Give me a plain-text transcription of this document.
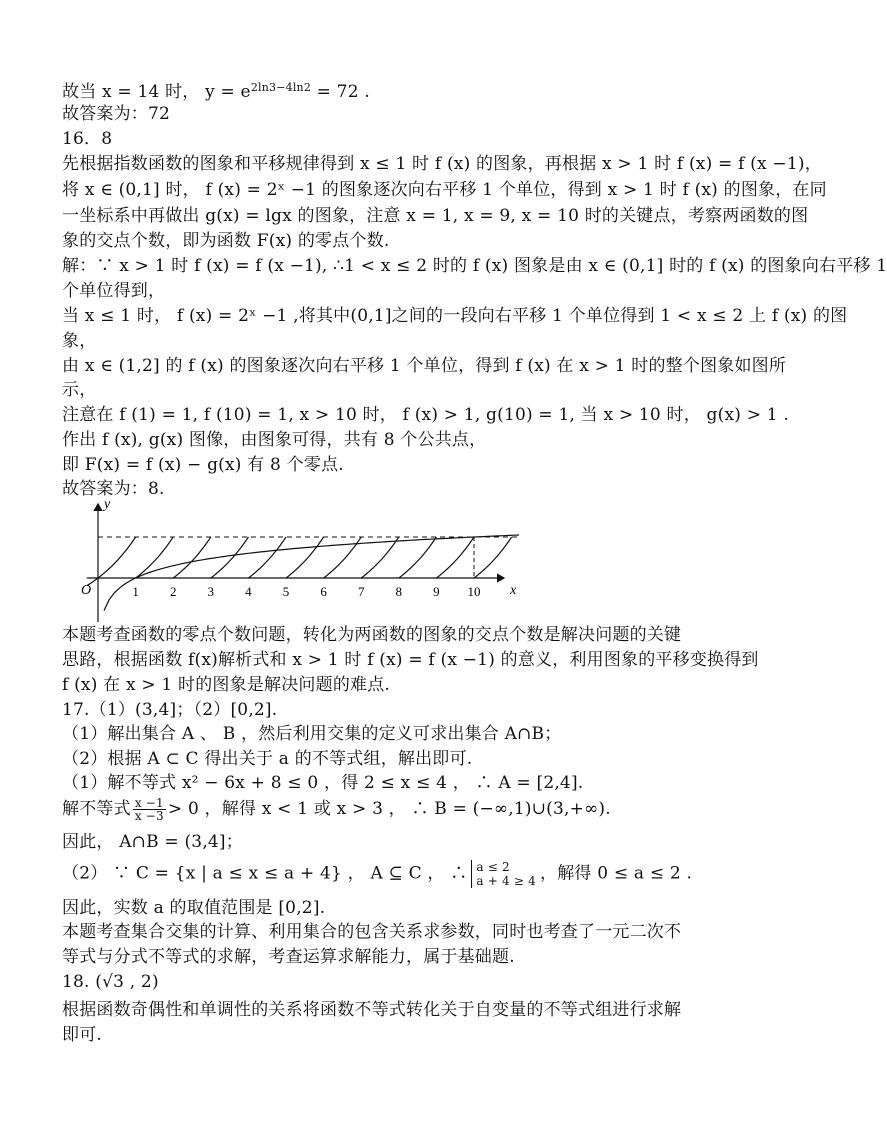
故当 x = 14 时， $y = e^{2ln3-4ln2} = 72$ .
故答案为：72
16．8
先根据指数函数的图象和平移规律得到 x ≤ 1 时 f (x) 的图象，再根据 x > 1 时 f (x) = f (x −1)，
将 x ∈ (0,1] 时， f (x) = 2ˣ −1 的图象逐次向右平移 1 个单位，得到 x > 1 时 f (x) 的图象，在同
一坐标系中再做出 g(x) = lgx 的图象，注意 x = 1, x = 9, x = 10 时的关键点，考察两函数的图
象的交点个数，即为函数 F(x) 的零点个数.
解：∵ x > 1 时 f (x) = f (x −1), ∴1 < x ≤ 2 时的 f (x) 图象是由 x ∈ (0,1] 时的 f (x) 的图象向右平移 1
个单位得到，
当 x ≤ 1 时， f (x) = 2ˣ −1 ,将其中(0,1]之间的一段向右平移 1 个单位得到 1 < x ≤ 2 上 f (x) 的图
象，
由 x ∈ (1,2] 的 f (x) 的图象逐次向右平移 1 个单位，得到 f (x) 在 x > 1 时的整个图象如图所
示，
注意在 f (1) = 1, f (10) = 1, x > 10 时， f (x) > 1, g(10) = 1, 当 x > 10 时， g(x) > 1 .
作出 f (x), g(x) 图像，由图象可得，共有 8 个公共点，
即 F(x) = f (x) − g(x) 有 8 个零点.
故答案为：8.
1 2 3 4 5 6 7 8 9 10
O	x
y
本题考查函数的零点个数问题，转化为两函数的图象的交点个数是解决问题的关键
思路，根据函数 f(x)解析式和 x > 1 时 f (x) = f (x −1) 的意义，利用图象的平移变换得到
f (x) 在 x > 1 时的图象是解决问题的难点.
17.（1）(3,4]；（2）[0,2].
（1）解出集合 A 、 B ，然后利用交集的定义可求出集合 A∩B；
（2）根据 A ⊂ C 得出关于 a 的不等式组，解出即可.
（1）解不等式 x² − 6x + 8 ≤ 0 ，得 2 ≤ x ≤ 4 ， ∴ A = [2,4].
解不等式 $\frac{x -1}{x -3} > 0$ ，解得 x < 1 或 x > 3 ， ∴ B = (−∞,1)∪(3,+∞).
因此， A∩B = (3,4]；
（2） ∵ C = {x | a ≤ x ≤ a + 4} ， A ⊆ C ， ∴ a ≤ 2
a + 4 ≥ 4 ，解得 0 ≤ a ≤ 2 .
因此，实数 a 的取值范围是 [0,2].
本题考查集合交集的计算、利用集合的包含关系求参数，同时也考查了一元二次不
等式与分式不等式的求解，考查运算求解能力，属于基础题.
18. (√3 , 2)
根据函数奇偶性和单调性的关系将函数不等式转化关于自变量的不等式组进行求解
即可.
